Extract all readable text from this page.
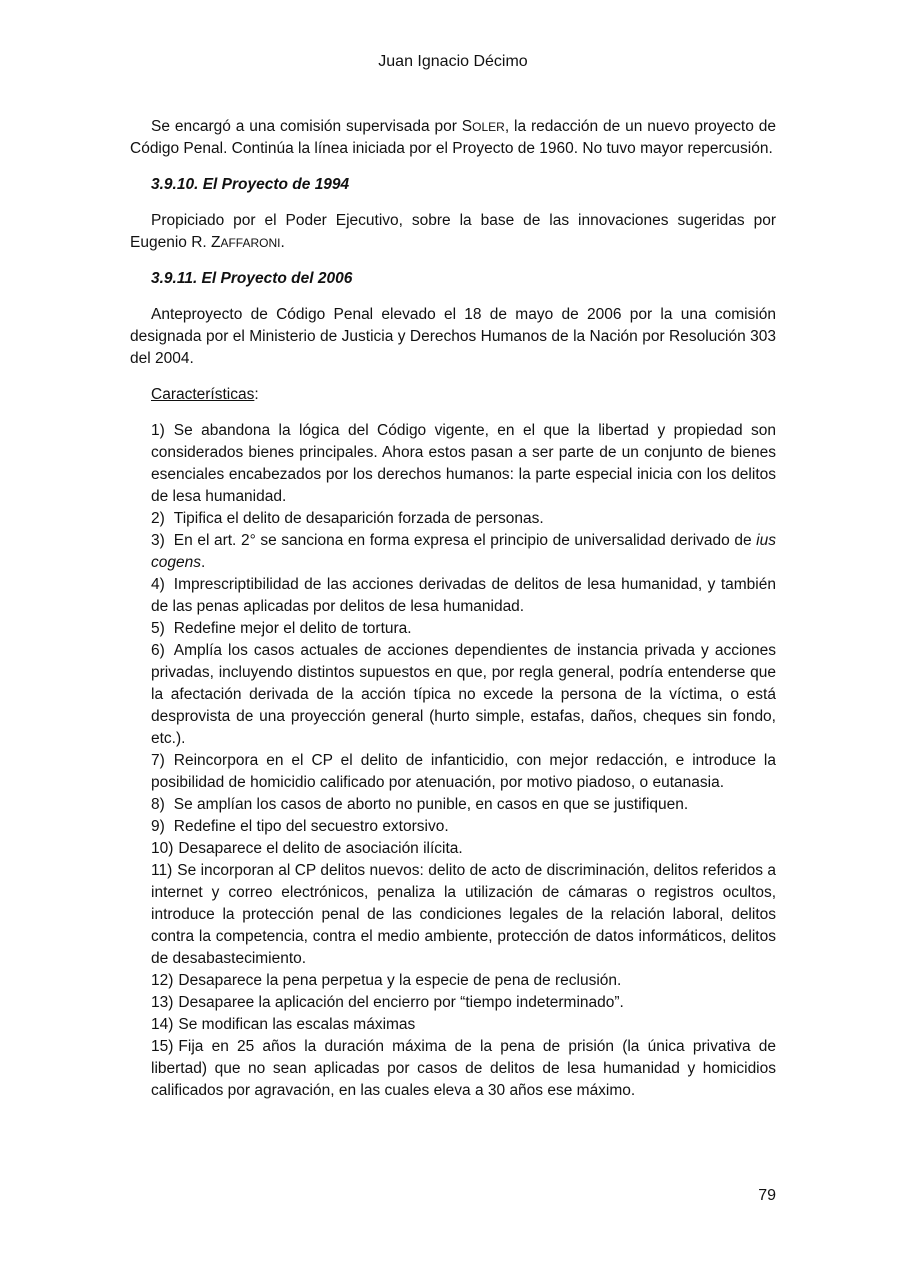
Juan Ignacio Décimo

Se encargó a una comisión supervisada por SOLER, la redacción de un nuevo proyecto de Código Penal. Continúa la línea iniciada por el Proyecto de 1960. No tuvo mayor repercusión.

3.9.10. El Proyecto de 1994

Propiciado por el Poder Ejecutivo, sobre la base de las innovaciones sugeridas por Eugenio R. ZAFFARONI.

3.9.11. El Proyecto del 2006

Anteproyecto de Código Penal elevado el 18 de mayo de 2006 por la una comisión designada por el Ministerio de Justicia y Derechos Humanos de la Nación por Resolución 303 del 2004.

Características:

1) Se abandona la lógica del Código vigente, en el que la libertad y propiedad son considerados bienes principales. Ahora estos pasan a ser parte de un conjunto de bienes esenciales encabezados por los derechos humanos: la parte especial inicia con los delitos de lesa humanidad.
2) Tipifica el delito de desaparición forzada de personas.
3) En el art. 2° se sanciona en forma expresa el principio de universalidad derivado de ius cogens.
4) Imprescriptibilidad de las acciones derivadas de delitos de lesa humanidad, y también de las penas aplicadas por delitos de lesa humanidad.
5) Redefine mejor el delito de tortura.
6) Amplía los casos actuales de acciones dependientes de instancia privada y acciones privadas, incluyendo distintos supuestos en que, por regla general, podría entenderse que la afectación derivada de la acción típica no excede la persona de la víctima, o está desprovista de una proyección general (hurto simple, estafas, daños, cheques sin fondo, etc.).
7) Reincorpora en el CP el delito de infanticidio, con mejor redacción, e introduce la posibilidad de homicidio calificado por atenuación, por motivo piadoso, o eutanasia.
8) Se amplían los casos de aborto no punible, en casos en que se justifiquen.
9) Redefine el tipo del secuestro extorsivo.
10) Desaparece el delito de asociación ilícita.
11) Se incorporan al CP delitos nuevos: delito de acto de discriminación, delitos referidos a internet y correo electrónicos, penaliza la utilización de cámaras o registros ocultos, introduce la protección penal de las condiciones legales de la relación laboral, delitos contra la competencia, contra el medio ambiente, protección de datos informáticos, delitos de desabastecimiento.
12) Desaparece la pena perpetua y la especie de pena de reclusión.
13) Desaparee la aplicación del encierro por “tiempo indeterminado”.
14) Se modifican las escalas máximas
15) Fija en 25 años la duración máxima de la pena de prisión (la única privativa de libertad) que no sean aplicadas por casos de delitos de lesa humanidad y homicidios calificados por agravación, en las cuales eleva a 30 años ese máximo.
79
